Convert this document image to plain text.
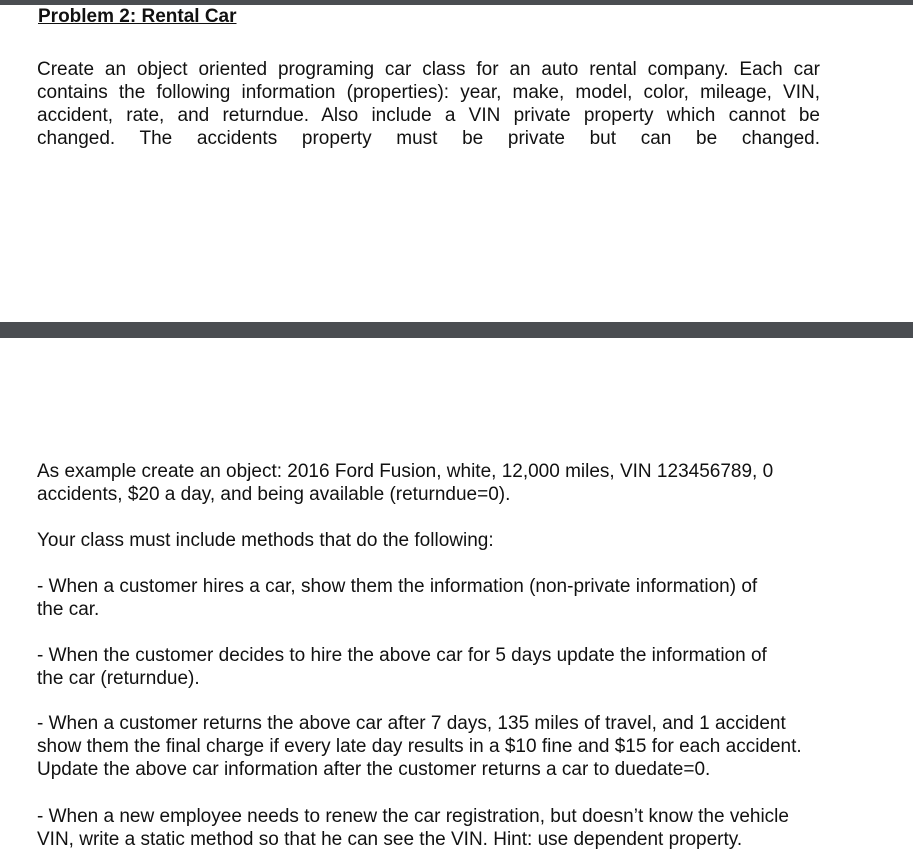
Problem 2: Rental Car
Create an object oriented programing car class for an auto rental company. Each car
contains the following information (properties): year, make, model, color, mileage, VIN,
accident, rate, and returndue. Also include a VIN private property which cannot be
changed. The accidents property must be private but can be changed.
As example create an object: 2016 Ford Fusion, white, 12,000 miles, VIN 123456789, 0
accidents, $20 a day, and being available (returndue=0).
Your class must include methods that do the following:
- When a customer hires a car, show them the information (non-private information) of
the car.
- When the customer decides to hire the above car for 5 days update the information of
the car (returndue).
- When a customer returns the above car after 7 days, 135 miles of travel, and 1 accident
show them the final charge if every late day results in a $10 fine and $15 for each accident.
Update the above car information after the customer returns a car to duedate=0.
- When a new employee needs to renew the car registration, but doesn’t know the vehicle
VIN, write a static method so that he can see the VIN. Hint: use dependent property.
